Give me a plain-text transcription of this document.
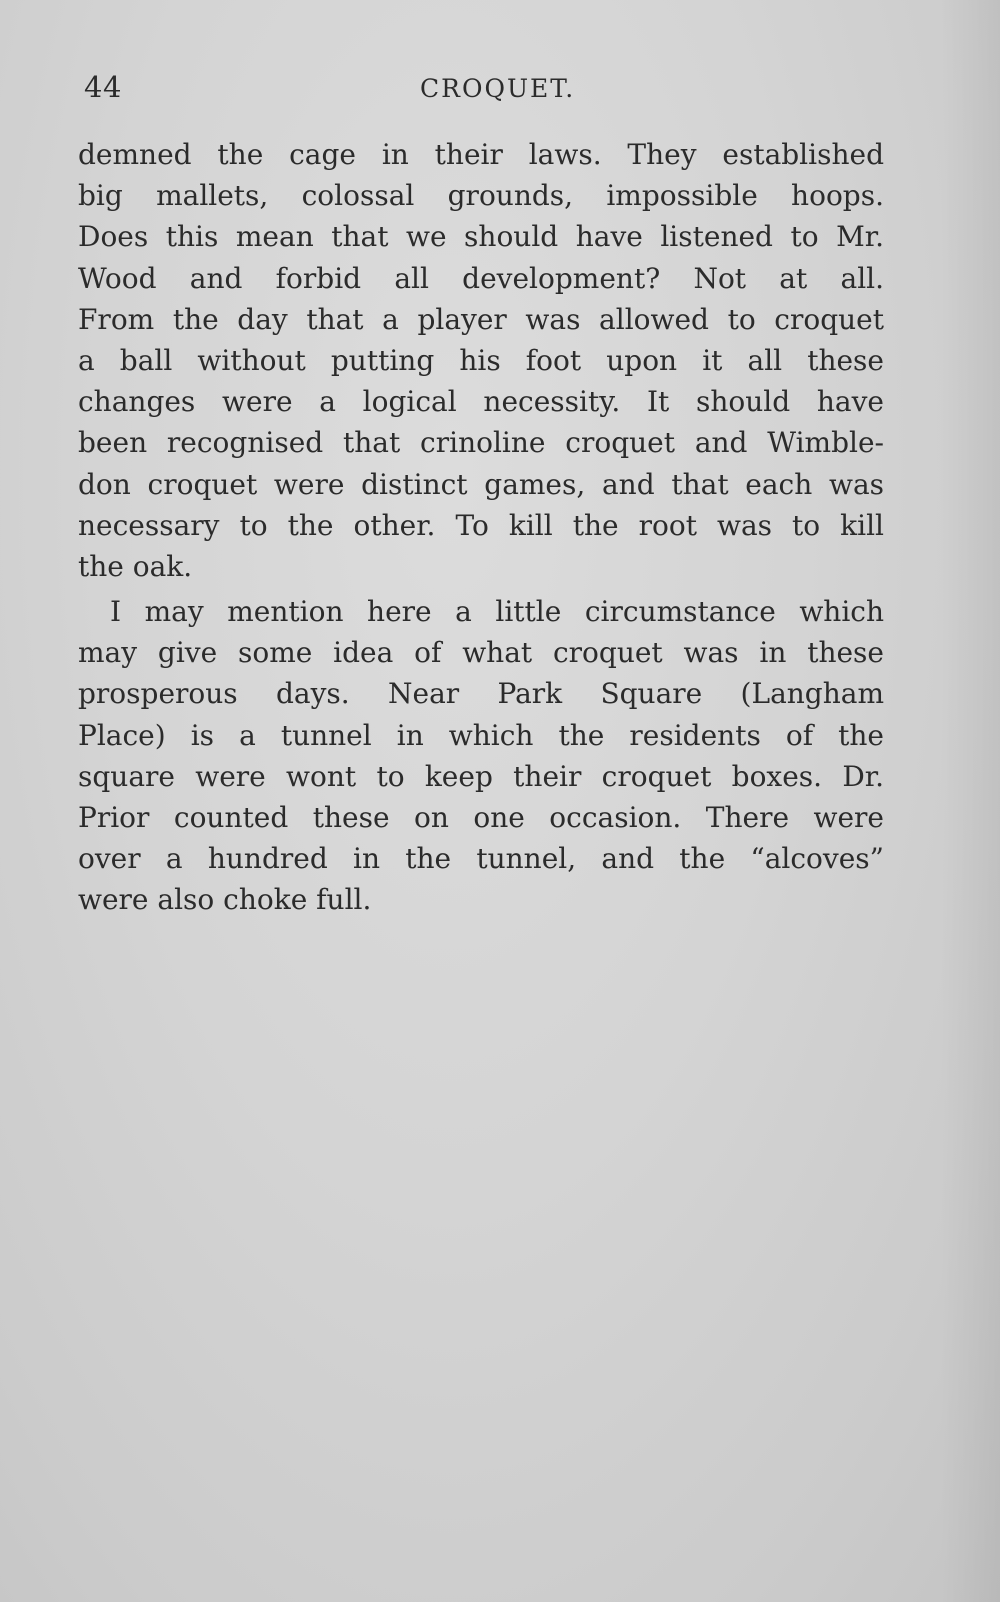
44	CROQUET.
demned the cage in their laws. They established
big mallets, colossal grounds, impossible hoops.
Does this mean that we should have listened to Mr.
Wood and forbid all development? Not at all.
From the day that a player was allowed to croquet
a ball without putting his foot upon it all these
changes were a logical necessity. It should have
been recognised that crinoline croquet and Wimble-
don croquet were distinct games, and that each was
necessary to the other. To kill the root was to kill
the oak.
I may mention here a little circumstance which
may give some idea of what croquet was in these
prosperous days. Near Park Square (Langham
Place) is a tunnel in which the residents of the
square were wont to keep their croquet boxes. Dr.
Prior counted these on one occasion. There were
over a hundred in the tunnel, and the “alcoves”
were also choke full.
